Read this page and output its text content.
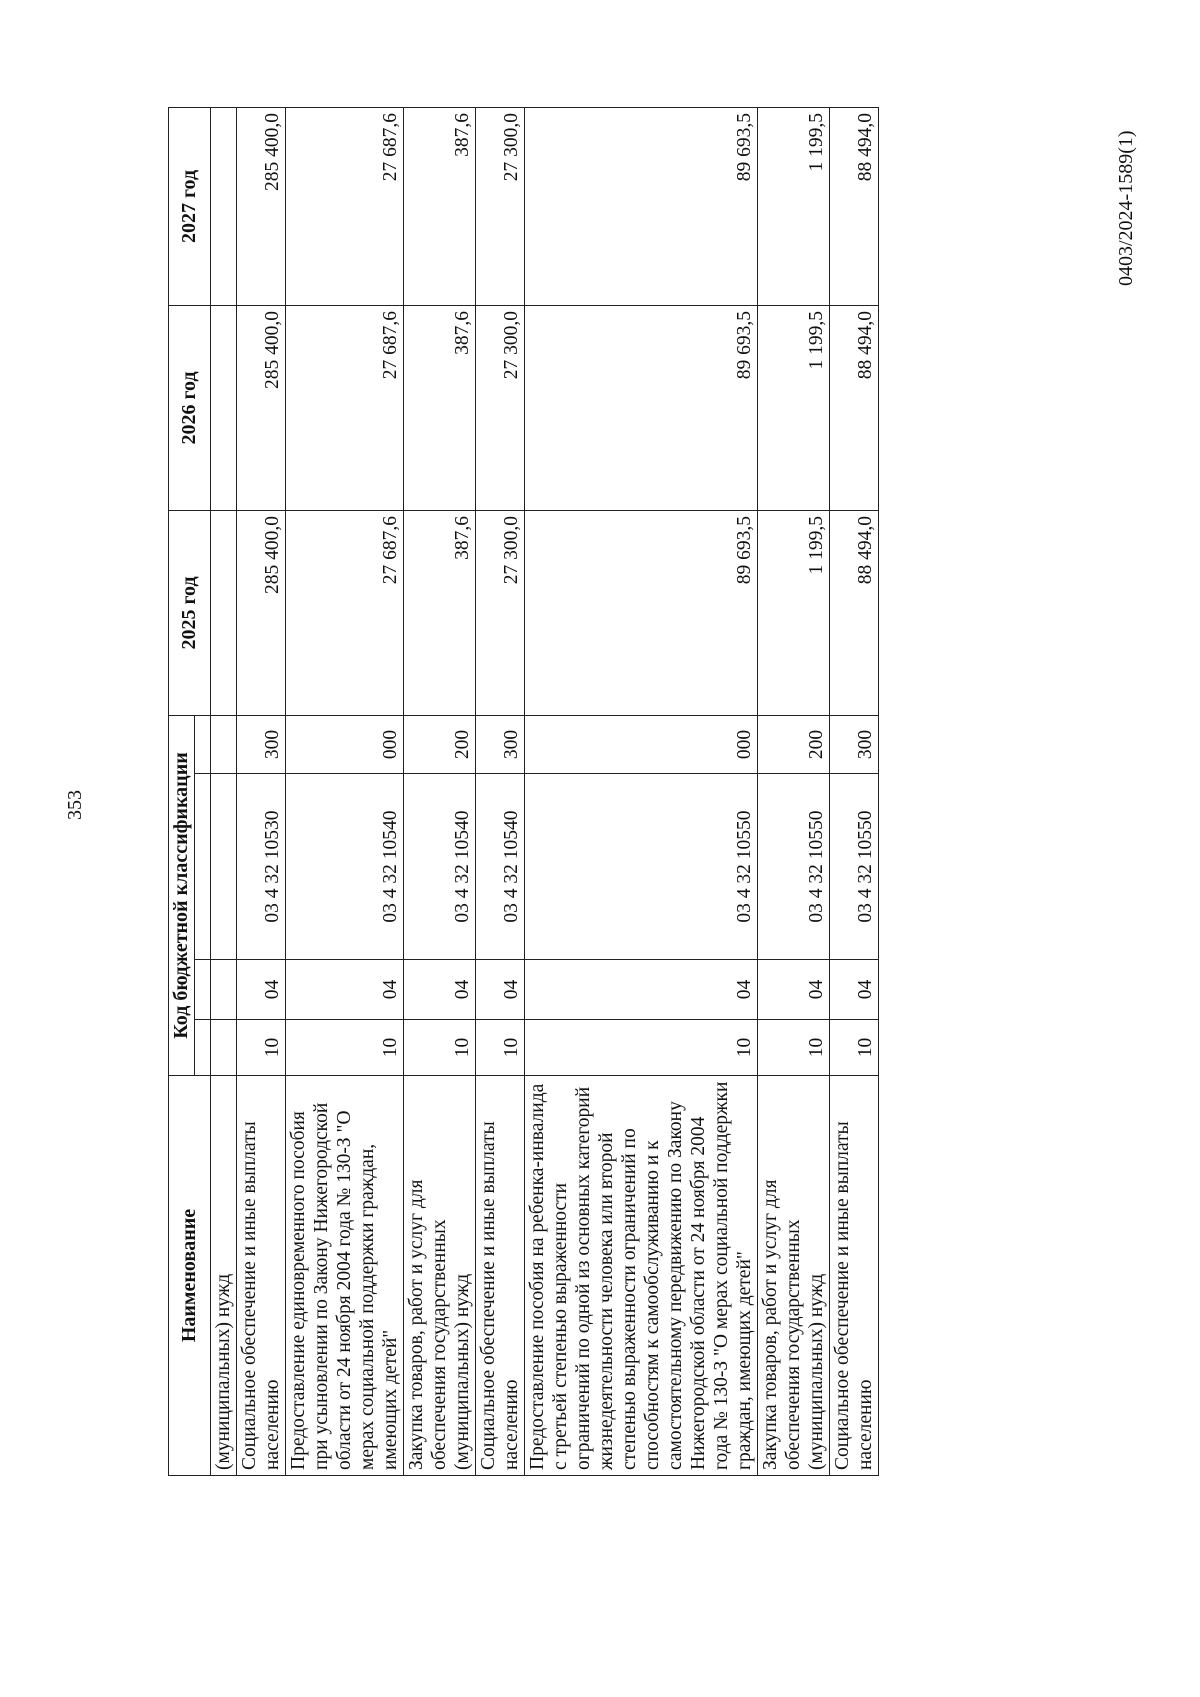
353
Наименование	Код бюджетной классификации				2025 год	2026 год	2027 год

(муниципальных) нужд							
Социальное обеспечение и иные выплаты населению	10	04	03 4 32 10530	300	285 400,0	285 400,0	285 400,0
Предоставление единовременного пособия при усыновлении по Закону Нижегородской области от 24 ноября 2004 года № 130-З "О мерах социальной поддержки граждан, имеющих детей"	10	04	03 4 32 10540	000	27 687,6	27 687,6	27 687,6
Закупка товаров, работ и услуг для обеспечения государственных (муниципальных) нужд	10	04	03 4 32 10540	200	387,6	387,6	387,6
Социальное обеспечение и иные выплаты населению	10	04	03 4 32 10540	300	27 300,0	27 300,0	27 300,0
Предоставление пособия на ребенка-инвалида с третьей степенью выраженности ограничений по одной из основных категорий жизнедеятельности человека или второй степенью выраженности ограничений по способностям к самообслуживанию и к самостоятельному передвижению по Закону Нижегородской области от 24 ноября 2004 года № 130-З "О мерах социальной поддержки граждан, имеющих детей"	10	04	03 4 32 10550	000	89 693,5	89 693,5	89 693,5
Закупка товаров, работ и услуг для обеспечения государственных (муниципальных) нужд	10	04	03 4 32 10550	200	1 199,5	1 199,5	1 199,5
Социальное обеспечение и иные выплаты населению	10	04	03 4 32 10550	300	88 494,0	88 494,0	88 494,0	0403/2024-1589(1)
